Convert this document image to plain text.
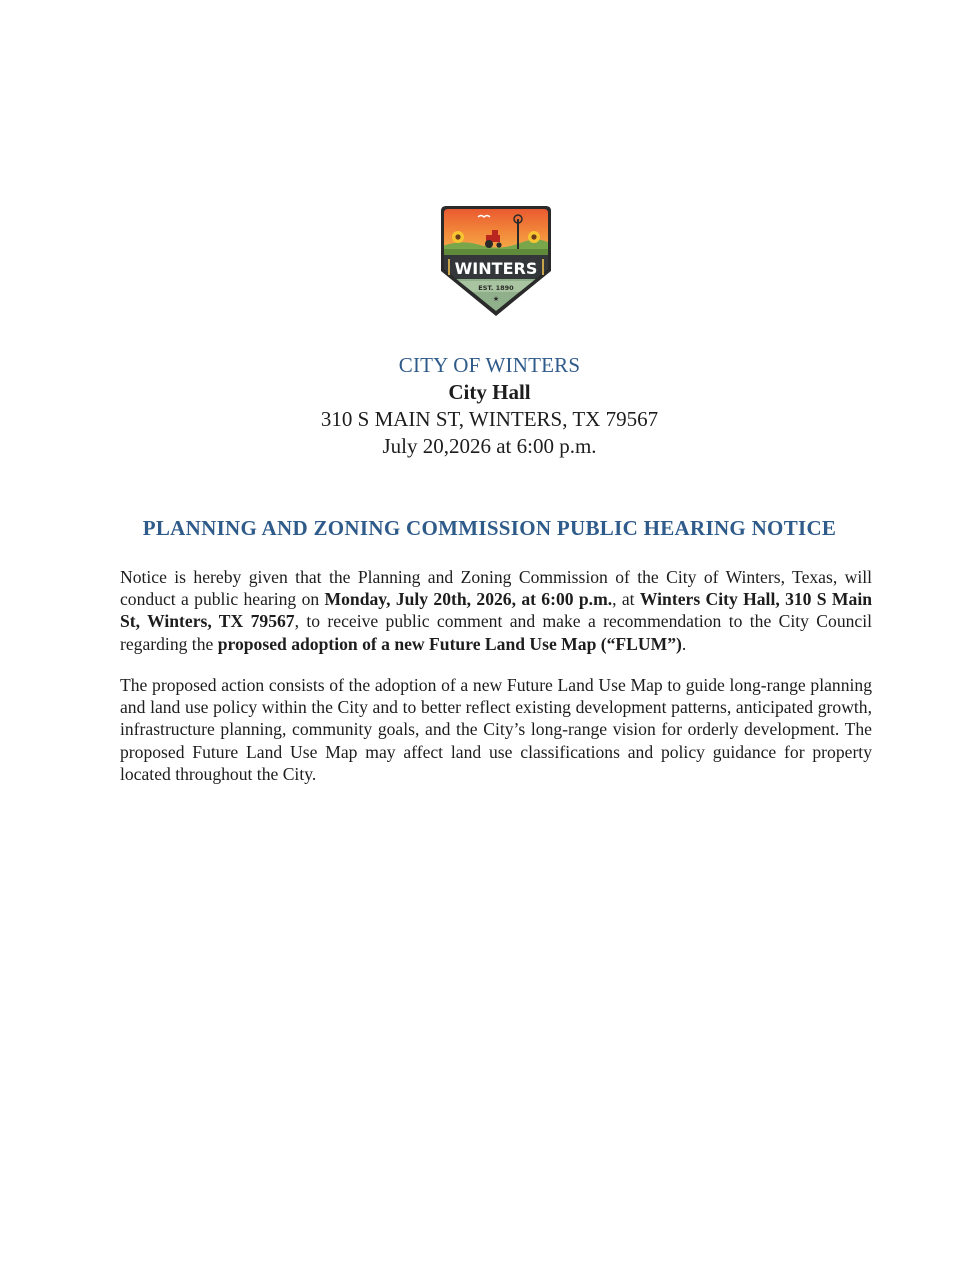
WINTERS
EST. 1890
★
CITY OF WINTERS
City Hall
310 S MAIN ST, WINTERS, TX 79567
July 20,2026 at 6:00 p.m.
PLANNING AND ZONING COMMISSION PUBLIC HEARING NOTICE
Notice is hereby given that the Planning and Zoning Commission of the City of Winters, Texas, will conduct a public hearing on Monday, July 20th, 2026, at 6:00 p.m., at Winters City Hall, 310 S Main St, Winters, TX 79567, to receive public comment and make a recommendation to the City Council regarding the proposed adoption of a new Future Land Use Map (“FLUM”).
The proposed action consists of the adoption of a new Future Land Use Map to guide long-range planning and land use policy within the City and to better reflect existing development patterns, anticipated growth, infrastructure planning, community goals, and the City’s long-range vision for orderly development. The proposed Future Land Use Map may affect land use classifications and policy guidance for property located throughout the City.
